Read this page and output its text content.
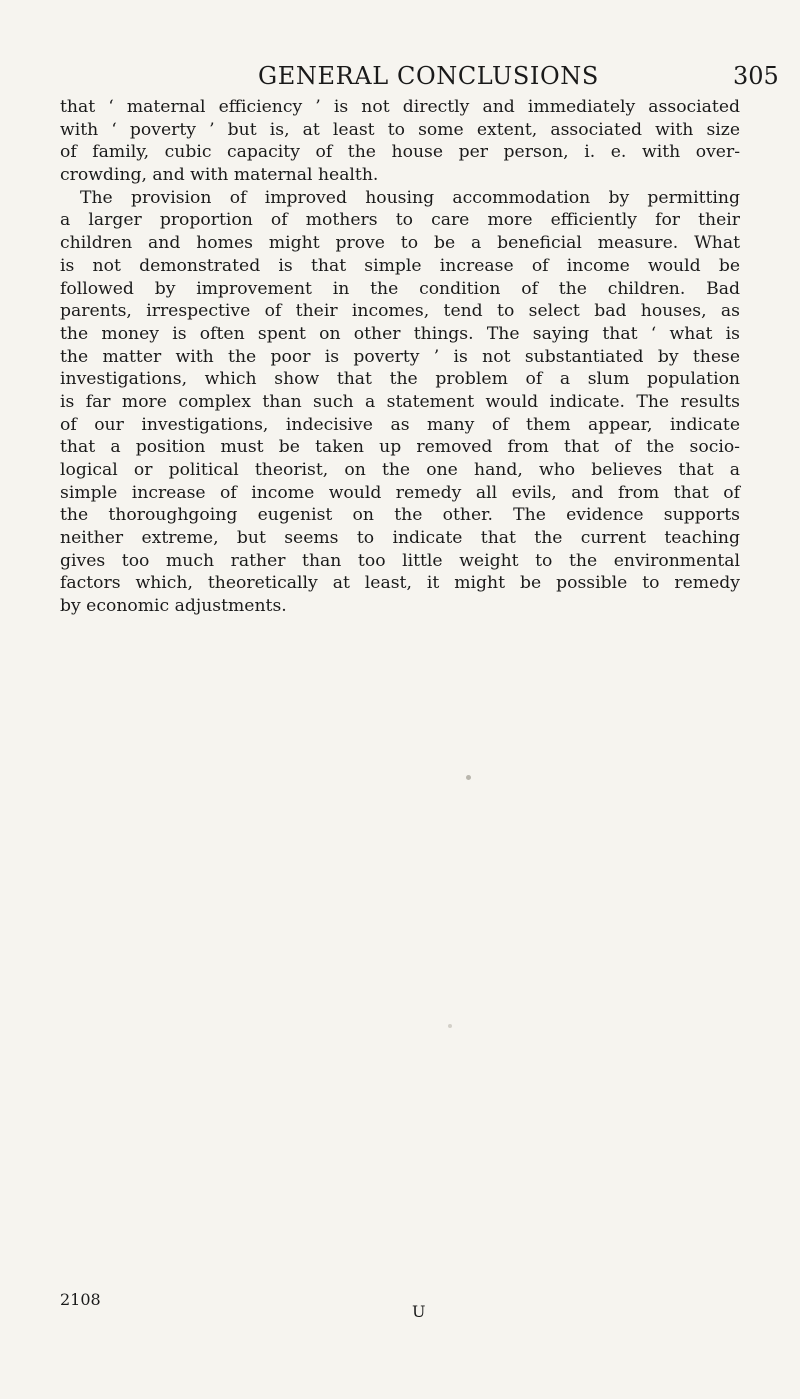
GENERAL CONCLUSIONS	305
that ‘ maternal efficiency ’ is not directly and immediately associated
with ‘ poverty ’ but is, at least to some extent, associated with size
of family, cubic capacity of the house per person, i. e. with over-
crowding, and with maternal health.
The provision of improved housing accommodation by permitting
a larger proportion of mothers to care more efficiently for their
children and homes might prove to be a beneficial measure. What
is not demonstrated is that simple increase of income would be
followed by improvement in the condition of the children. Bad
parents, irrespective of their incomes, tend to select bad houses, as
the money is often spent on other things. The saying that ‘ what is
the matter with the poor is poverty ’ is not substantiated by these
investigations, which show that the problem of a slum population
is far more complex than such a statement would indicate. The results
of our investigations, indecisive as many of them appear, indicate
that a position must be taken up removed from that of the socio-
logical or political theorist, on the one hand, who believes that a
simple increase of income would remedy all evils, and from that of
the thoroughgoing eugenist on the other. The evidence supports
neither extreme, but seems to indicate that the current teaching
gives too much rather than too little weight to the environmental
factors which, theoretically at least, it might be possible to remedy
by economic adjustments.
2108
U
